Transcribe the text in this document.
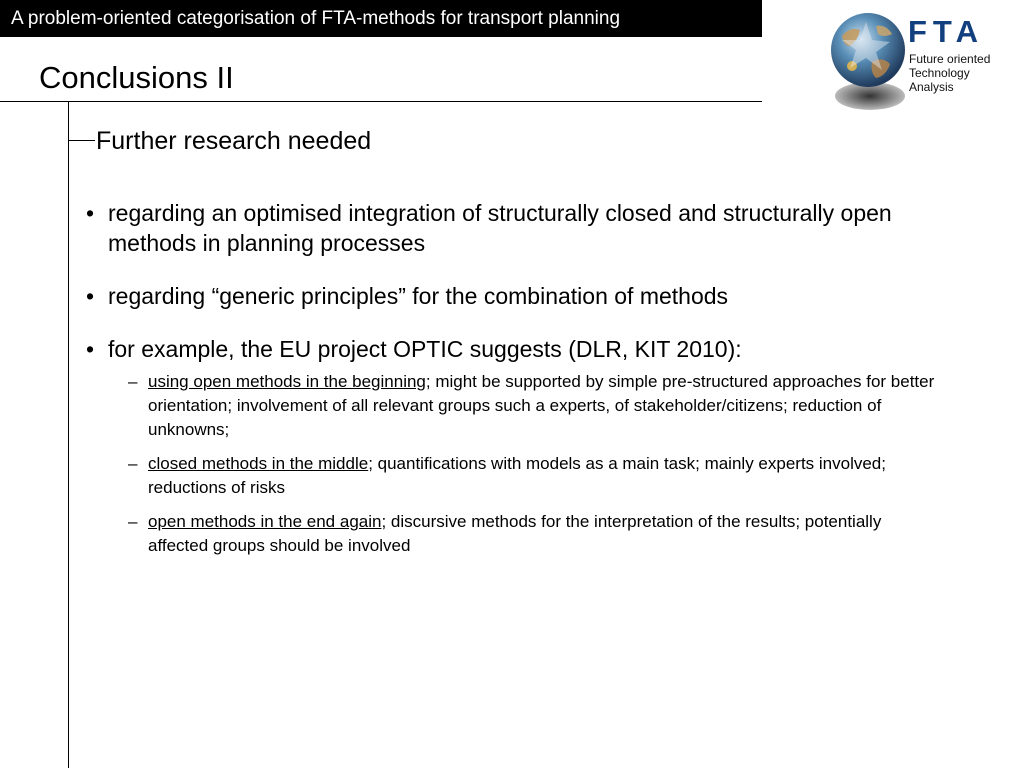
A problem-oriented categorisation of FTA-methods for transport planning	FTA
Future oriented
Technology
Analysis
Conclusions II
Further research needed
• regarding an optimised integration of structurally closed and structurally open methods in planning processes
• regarding “generic principles” for the combination of methods
• for example, the EU project OPTIC suggests (DLR, KIT 2010):
– using open methods in the beginning; might be supported by simple pre-structured approaches for better orientation; involvement of all relevant groups such a experts, of stakeholder/citizens; reduction of unknowns;
– closed methods in the middle; quantifications with models as a main task; mainly experts involved; reductions of risks
– open methods in the end again; discursive methods for the interpretation of the results; potentially affected groups should be involved
